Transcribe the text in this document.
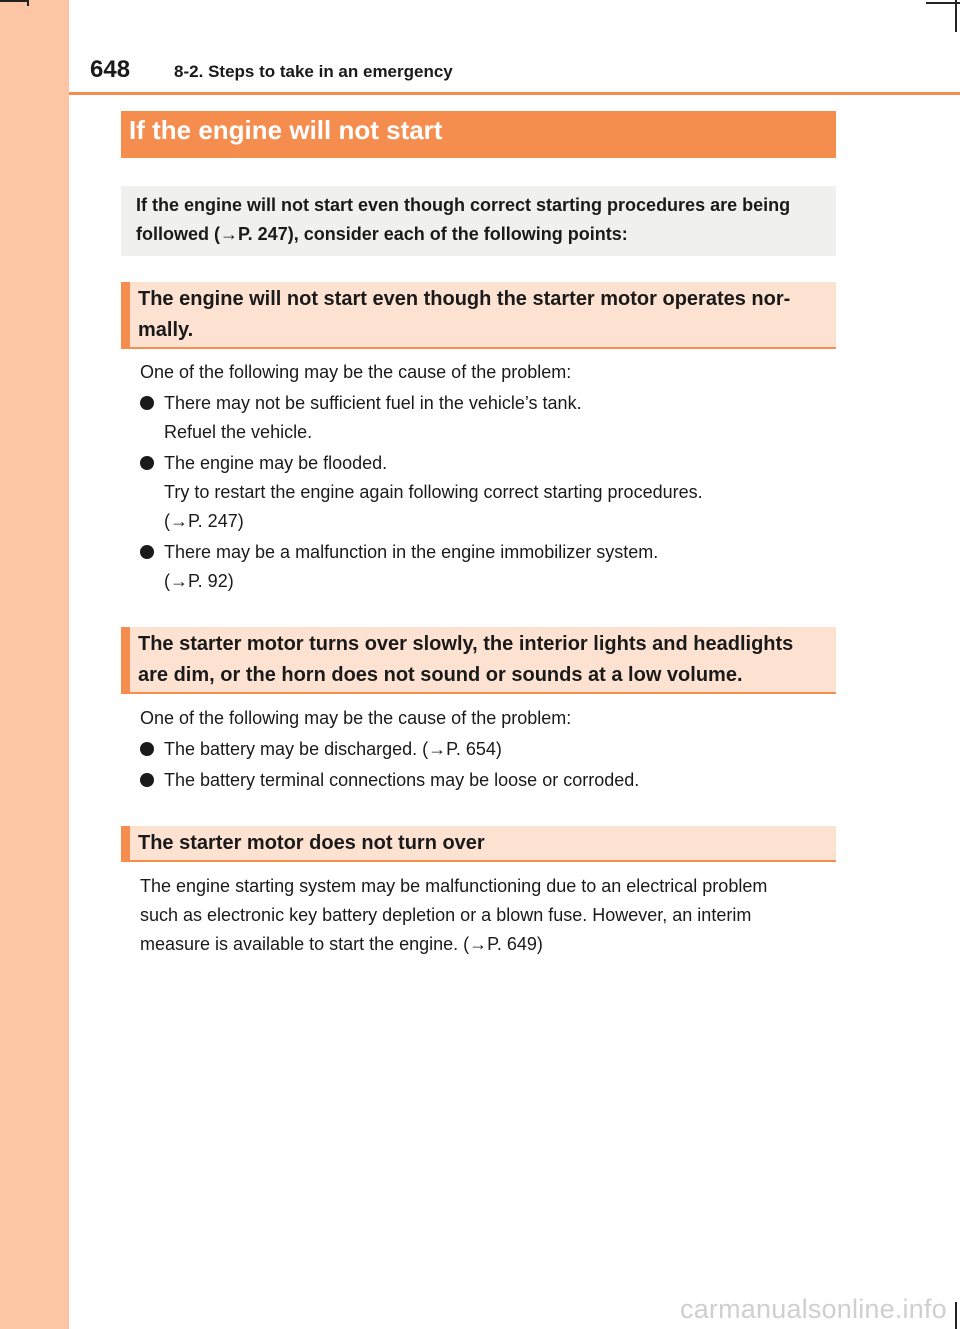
648	8-2. Steps to take in an emergency
If the engine will not start
If the engine will not start even though correct starting procedures are being
followed (→P. 247), consider each of the following points:
The engine will not start even though the starter motor operates nor-
mally.
One of the following may be the cause of the problem:
There may not be sufficient fuel in the vehicle’s tank.
Refuel the vehicle.
The engine may be flooded.
Try to restart the engine again following correct starting procedures.
(→P. 247)
There may be a malfunction in the engine immobilizer system.
(→P. 92)
The starter motor turns over slowly, the interior lights and headlights
are dim, or the horn does not sound or sounds at a low volume.
One of the following may be the cause of the problem:
The battery may be discharged. (→P. 654)
The battery terminal connections may be loose or corroded.
The starter motor does not turn over
The engine starting system may be malfunctioning due to an electrical problem
such as electronic key battery depletion or a blown fuse. However, an interim
measure is available to start the engine. (→P. 649)
carmanualsonline.info
